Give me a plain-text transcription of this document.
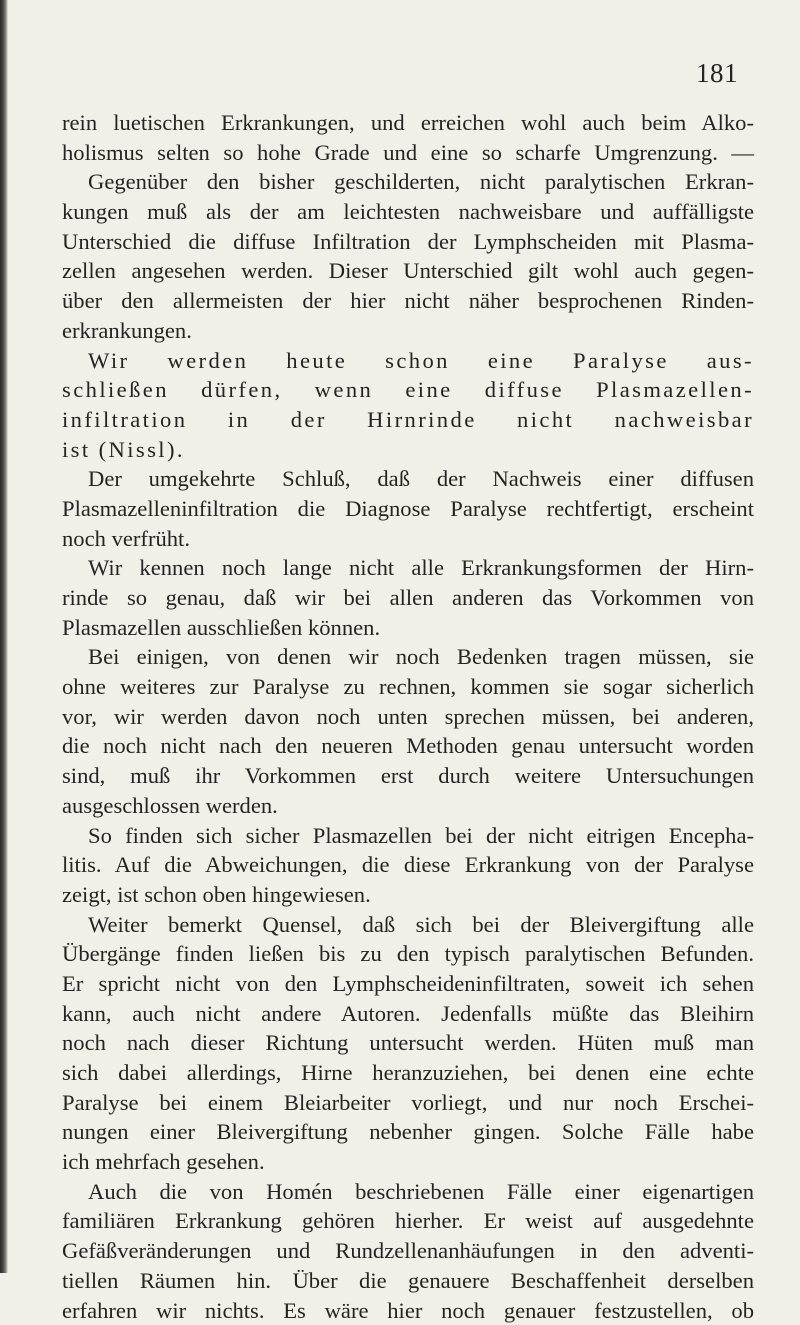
181
rein luetischen Erkrankungen, und erreichen wohl auch beim Alko-
holismus selten so hohe Grade und eine so scharfe Umgrenzung. —
Gegenüber den bisher geschilderten, nicht paralytischen Erkran-
kungen muß als der am leichtesten nachweisbare und auffälligste
Unterschied die diffuse Infiltration der Lymphscheiden mit Plasma-
zellen angesehen werden. Dieser Unterschied gilt wohl auch gegen-
über den allermeisten der hier nicht näher besprochenen Rinden-
erkrankungen.
Wir werden heute schon eine Paralyse aus-
schließen dürfen, wenn eine diffuse Plasmazellen-
infiltration in der Hirnrinde nicht nachweisbar
ist (Nissl).
Der umgekehrte Schluß, daß der Nachweis einer diffusen
Plasmazelleninfiltration die Diagnose Paralyse rechtfertigt, erscheint
noch verfrüht.
Wir kennen noch lange nicht alle Erkrankungsformen der Hirn-
rinde so genau, daß wir bei allen anderen das Vorkommen von
Plasmazellen ausschließen können.
Bei einigen, von denen wir noch Bedenken tragen müssen, sie
ohne weiteres zur Paralyse zu rechnen, kommen sie sogar sicherlich
vor, wir werden davon noch unten sprechen müssen, bei anderen,
die noch nicht nach den neueren Methoden genau untersucht worden
sind, muß ihr Vorkommen erst durch weitere Untersuchungen
ausgeschlossen werden.
So finden sich sicher Plasmazellen bei der nicht eitrigen Encepha-
litis. Auf die Abweichungen, die diese Erkrankung von der Paralyse
zeigt, ist schon oben hingewiesen.
Weiter bemerkt Quensel, daß sich bei der Bleivergiftung alle
Übergänge finden ließen bis zu den typisch paralytischen Befunden.
Er spricht nicht von den Lymphscheideninfiltraten, soweit ich sehen
kann, auch nicht andere Autoren. Jedenfalls müßte das Bleihirn
noch nach dieser Richtung untersucht werden. Hüten muß man
sich dabei allerdings, Hirne heranzuziehen, bei denen eine echte
Paralyse bei einem Bleiarbeiter vorliegt, und nur noch Erschei-
nungen einer Bleivergiftung nebenher gingen. Solche Fälle habe
ich mehrfach gesehen.
Auch die von Homén beschriebenen Fälle einer eigenartigen
familiären Erkrankung gehören hierher. Er weist auf ausgedehnte
Gefäßveränderungen und Rundzellenanhäufungen in den adventi-
tiellen Räumen hin. Über die genauere Beschaffenheit derselben
erfahren wir nichts. Es wäre hier noch genauer festzustellen, ob
